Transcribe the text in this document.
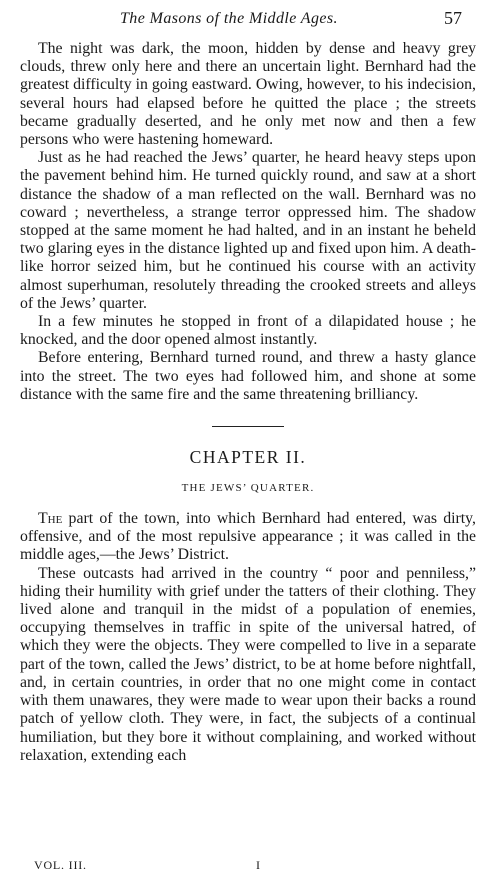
The Masons of the Middle Ages.	57

The night was dark, the moon, hidden by dense and heavy grey clouds, threw only here and there an uncertain light. Bernhard had the greatest difficulty in going eastward. Owing, however, to his indecision, several hours had elapsed before he quitted the place ; the streets became gradually deserted, and he only met now and then a few persons who were hastening homeward.

Just as he had reached the Jews’ quarter, he heard heavy steps upon the pavement behind him. He turned quickly round, and saw at a short distance the shadow of a man reflected on the wall. Bernhard was no coward ; nevertheless, a strange terror oppressed him. The shadow stopped at the same moment he had halted, and in an instant he beheld two glaring eyes in the distance lighted up and fixed upon him. A death-like horror seized him, but he continued his course with an activity almost superhuman, resolutely threading the crooked streets and alleys of the Jews’ quarter.

In a few minutes he stopped in front of a dilapidated house ; he knocked, and the door opened almost instantly.

Before entering, Bernhard turned round, and threw a hasty glance into the street. The two eyes had followed him, and shone at some distance with the same fire and the same threatening brilliancy.

CHAPTER II.
THE JEWS’ QUARTER.

The part of the town, into which Bernhard had entered, was dirty, offensive, and of the most repulsive appearance ; it was called in the middle ages,—the Jews’ District.

These outcasts had arrived in the country “ poor and penniless,” hiding their humility with grief under the tatters of their clothing. They lived alone and tranquil in the midst of a population of enemies, occupying themselves in traffic in spite of the universal hatred, of which they were the objects. They were compelled to live in a separate part of the town, called the Jews’ district, to be at home before nightfall, and, in certain countries, in order that no one might come in contact with them unawares, they were made to wear upon their backs a round patch of yellow cloth. They were, in fact, the subjects of a continual humiliation, but they bore it without complaining, and worked without relaxation, extending each

VOL. III.	I
